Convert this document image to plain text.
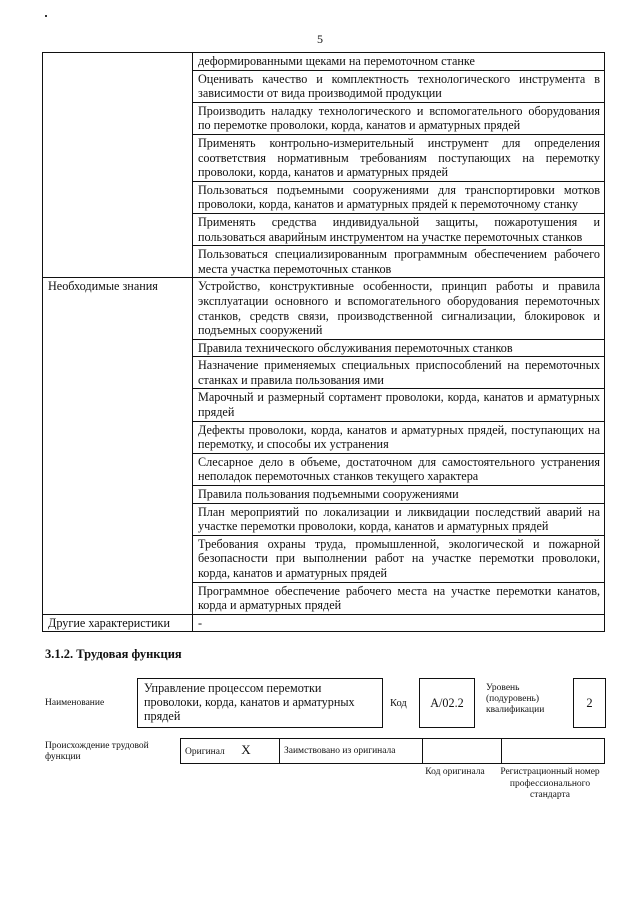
5
	деформированными щеками на перемоточном станке
	Оценивать качество и комплектность технологического инструмента в зависимости от вида производимой продукции
	Производить наладку технологического и вспомогательного оборудования по перемотке проволоки, корда, канатов и арматурных прядей
	Применять контрольно-измерительный инструмент для определения соответствия нормативным требованиям поступающих на перемотку проволоки, корда, канатов и арматурных прядей
	Пользоваться подъемными сооружениями для транспортировки мотков проволоки, корда, канатов и арматурных прядей к перемоточному станку
	Применять средства индивидуальной защиты, пожаротушения и пользоваться аварийным инструментом на участке перемоточных станков
	Пользоваться специализированным программным обеспечением рабочего места участка перемоточных станков
Необходимые знания	Устройство, конструктивные особенности, принцип работы и правила эксплуатации основного и вспомогательного оборудования перемоточных станков, средств связи, производственной сигнализации, блокировок и подъемных сооружений
	Правила технического обслуживания перемоточных станков
	Назначение применяемых специальных приспособлений на перемоточных станках и правила пользования ими
	Марочный и размерный сортамент проволоки, корда, канатов и арматурных прядей
	Дефекты проволоки, корда, канатов и арматурных прядей, поступающих на перемотку, и способы их устранения
	Слесарное дело в объеме, достаточном для самостоятельного устранения неполадок перемоточных станков текущего характера
	Правила пользования подъемными сооружениями
	План мероприятий по локализации и ликвидации последствий аварий на участке перемотки проволоки, корда, канатов и арматурных прядей
	Требования охраны труда, промышленной, экологической и пожарной безопасности при выполнении работ на участке перемотки проволоки, корда, канатов и арматурных прядей
	Программное обеспечение рабочего места на участке перемотки канатов, корда и арматурных прядей
Другие характеристики	-
3.1.2. Трудовая функция
Наименование
Управление процессом перемотки проволоки, корда, канатов и арматурных прядей
Код	A/02.2
Уровень (подуровень) квалификации
2
Происхождение трудовой функции
Оригинал X	Заимствовано из оригинала		
Код оригинала	Регистрационный номер профессионального стандарта
